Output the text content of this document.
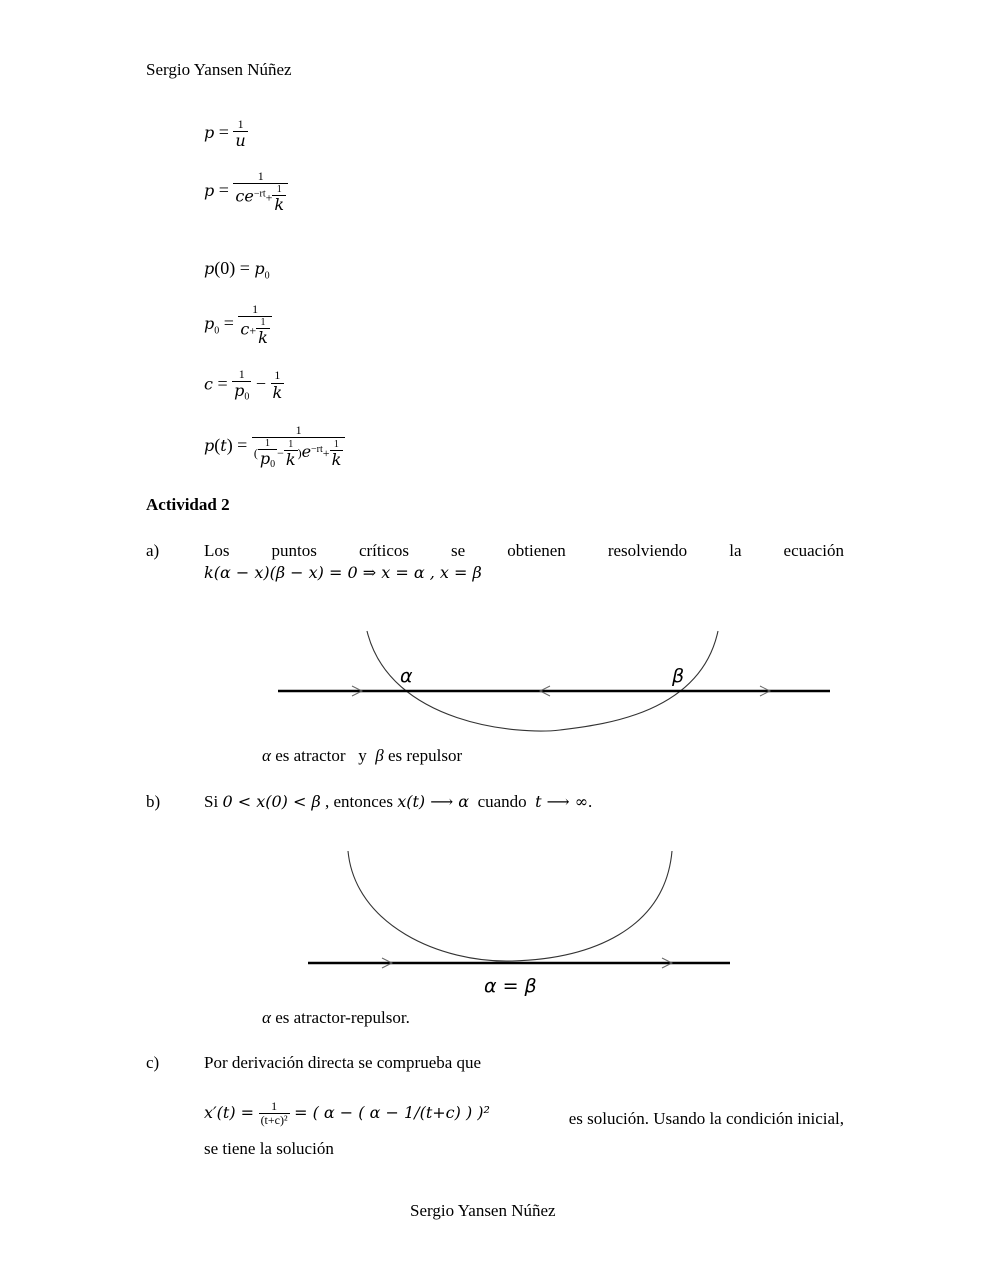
Sergio Yansen Núñez
$p = \frac{1}{u}$
$p = \frac{1}{ce^{-rt}+ \frac{1}{k}}$
$p(0) = p_0$
$p_0 = \frac{1}{c+ \frac{1}{k}}$
$c = \frac{1}{p_0} - \frac{1}{k}$
$p(t) = \frac{1}{( \frac{1}{p0} - \frac{1}{k} )e^{-rt}+ \frac{1}{k}}$
Actividad 2
a)	Los puntos críticos se obtienen resolviendo la ecuación
k(α − x)(β − x) = 0 ⇒ x = α , x = β
α	β
α es atractor   y  β es repulsor
b)	Si 0 < x(0) < β , entonces x(t) ⟶ α  cuando  t ⟶ ∞.
α = β
α es atractor-repulsor.
c)	Por derivación directa se comprueba que
$x'(t) = \frac{1}{\text{(t+c)²}}$ = ( α − ( α − 1/(t+c) ) )²	es solución. Usando la condición inicial,
se tiene la solución
Sergio Yansen Núñez
